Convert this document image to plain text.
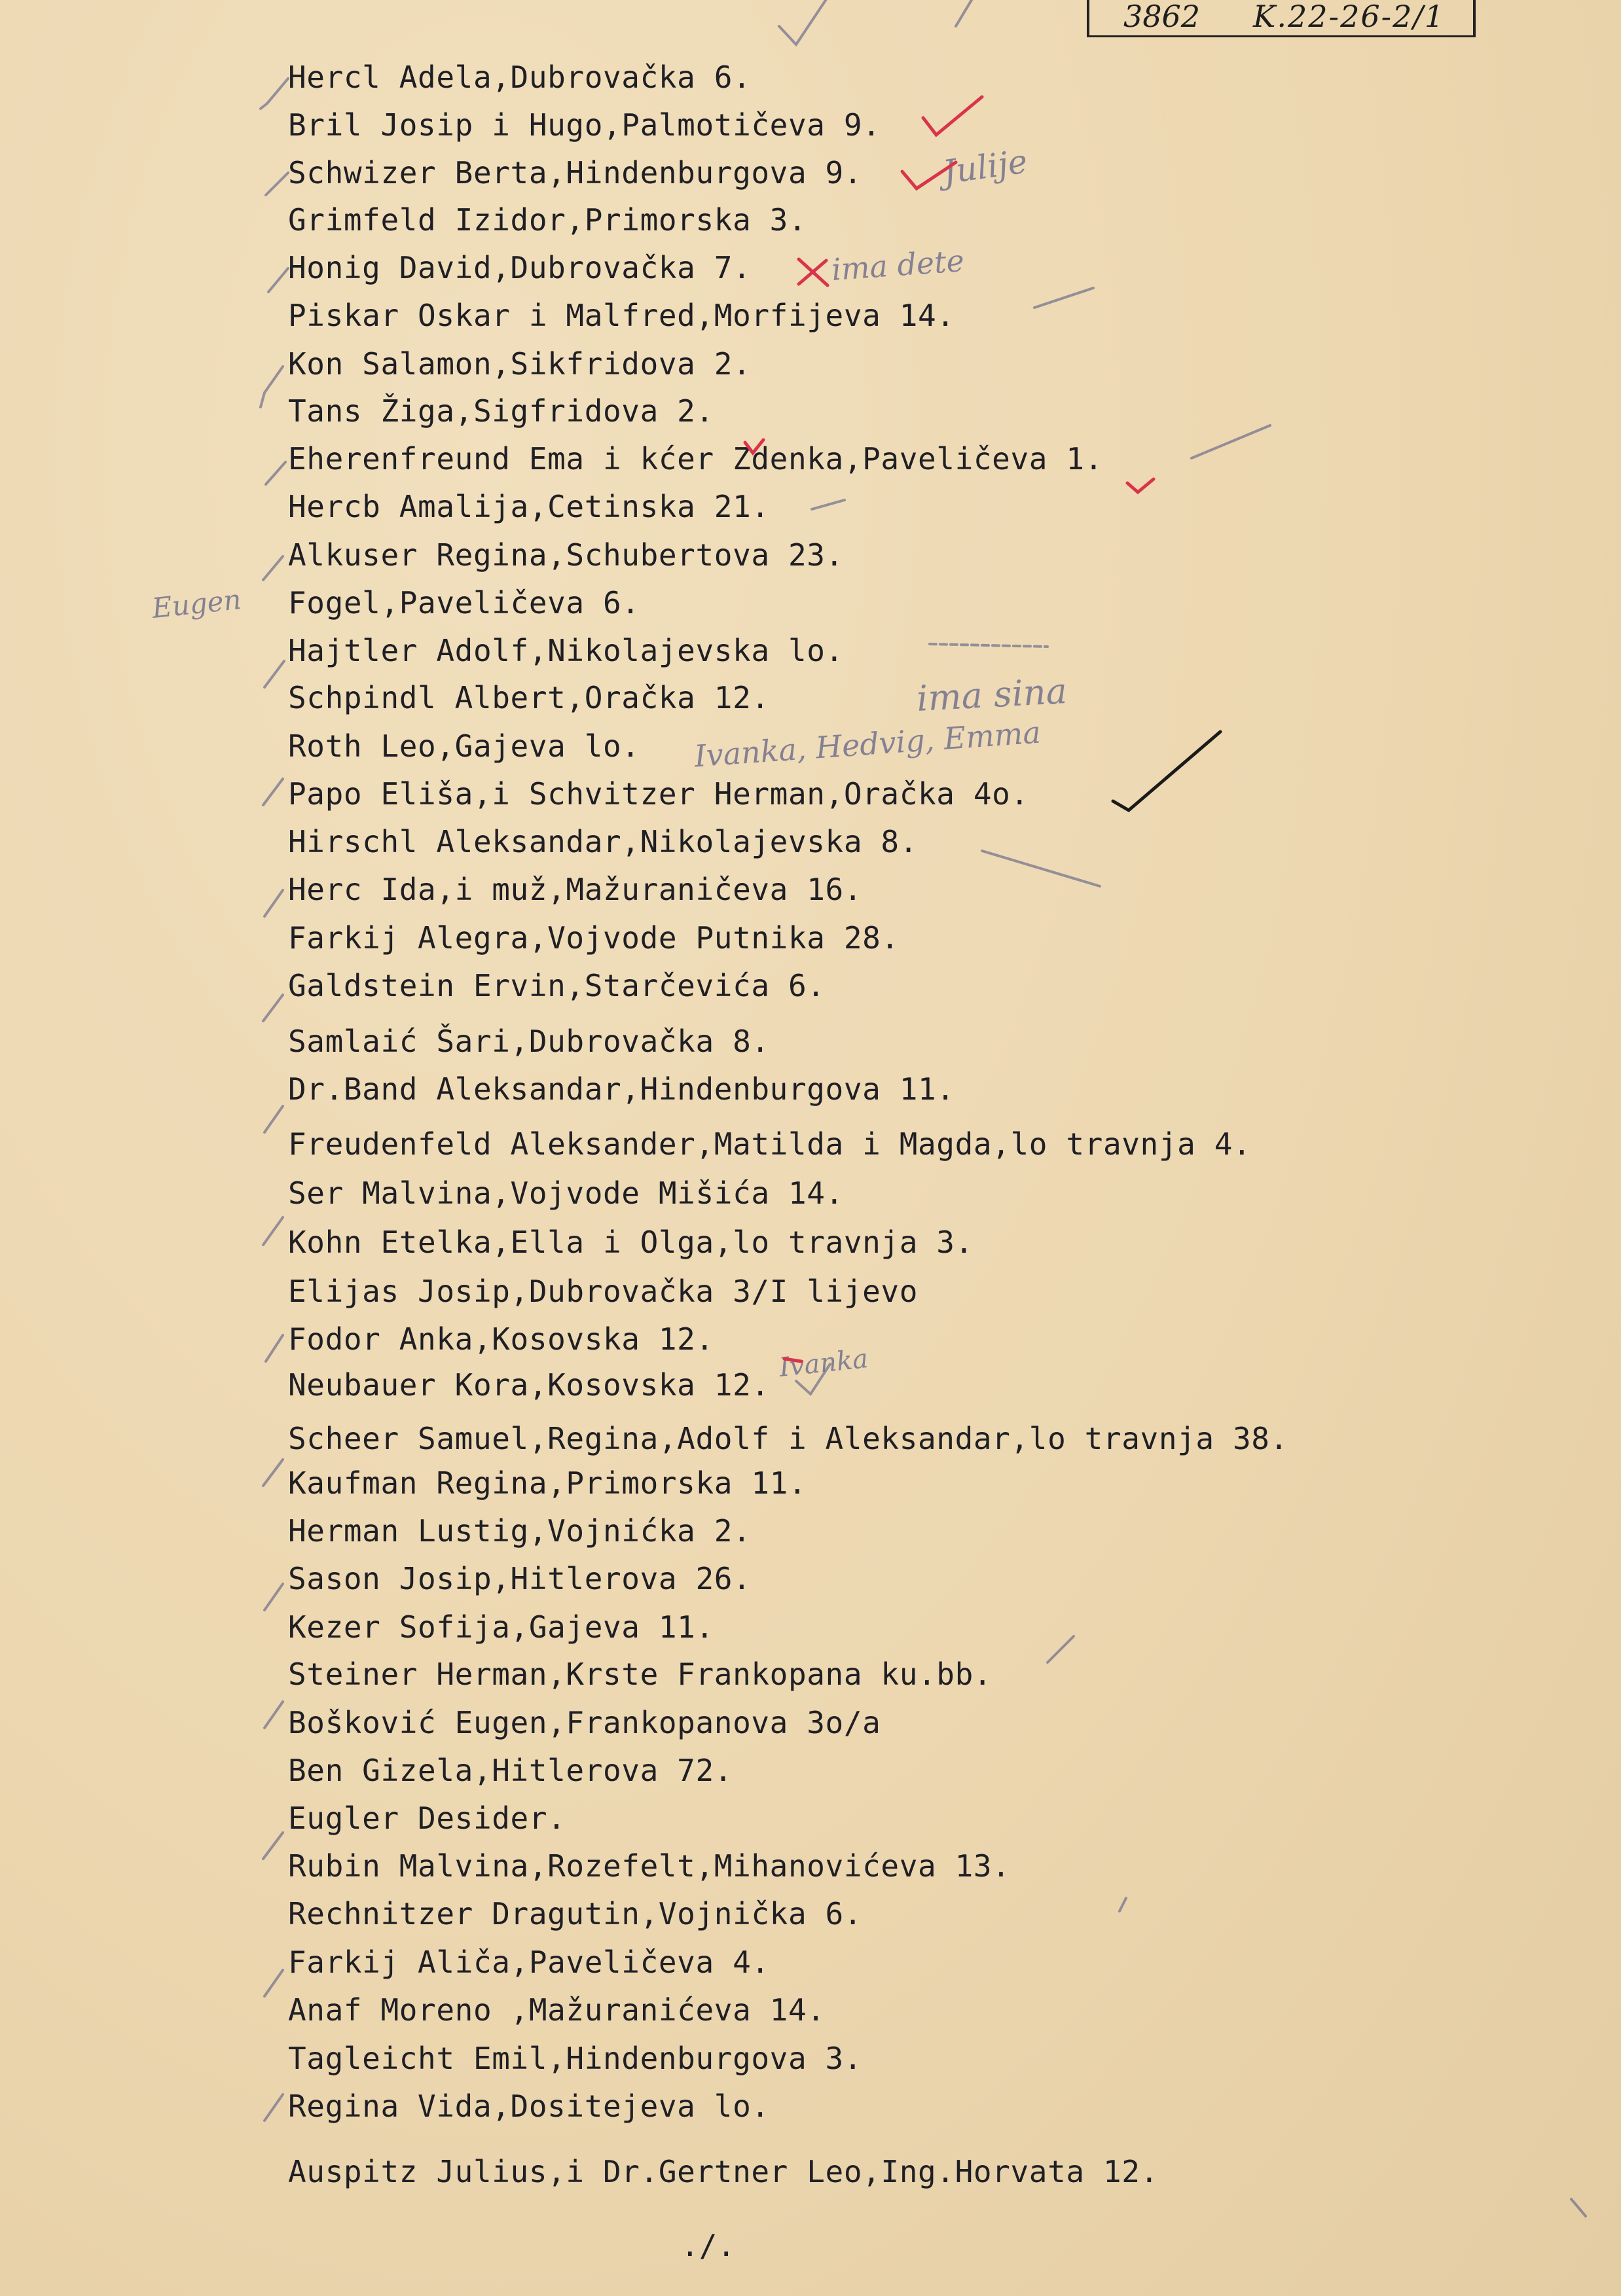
3862 K.22-26-2/1
Hercl Adela,Dubrovačka 6.
Bril Josip i Hugo,Palmotičeva 9.
Schwizer Berta,Hindenburgova 9.
Grimfeld Izidor,Primorska 3.
Honig David,Dubrovačka 7.
Piskar Oskar i Malfred,Morfijeva 14.
Kon Salamon,Sikfridova 2.
Tans Žiga,Sigfridova 2.
Eherenfreund Ema i kćer Zdenka,Paveličeva 1.
Hercb Amalija,Cetinska 21.
Alkuser Regina,Schubertova 23.
Fogel,Paveličeva 6.
Hajtler Adolf,Nikolajevska lo.
Schpindl Albert,Oračka 12.
Roth Leo,Gajeva lo.
Papo Eliša,i Schvitzer Herman,Oračka 4o.
Hirschl Aleksandar,Nikolajevska 8.
Herc Ida,i muž,Mažuraničeva 16.
Farkij Alegra,Vojvode Putnika 28.
Galdstein Ervin,Starčevića 6.
Samlaić Šari,Dubrovačka 8.
Dr.Band Aleksandar,Hindenburgova 11.
Freudenfeld Aleksander,Matilda i Magda,lo travnja 4.
Ser Malvina,Vojvode Mišića 14.
Kohn Etelka,Ella i Olga,lo travnja 3.
Elijas Josip,Dubrovačka 3/I lijevo
Fodor Anka,Kosovska 12.
Neubauer Kora,Kosovska 12.
Scheer Samuel,Regina,Adolf i Aleksandar,lo travnja 38.
Kaufman Regina,Primorska 11.
Herman Lustig,Vojnićka 2.
Sason Josip,Hitlerova 26.
Kezer Sofija,Gajeva 11.
Steiner Herman,Krste Frankopana ku.bb.
Bošković Eugen,Frankopanova 3o/a
Ben Gizela,Hitlerova 72.
Eugler Desider.
Rubin Malvina,Rozefelt,Mihanovićeva 13.
Rechnitzer Dragutin,Vojnička 6.
Farkij Aliča,Paveličeva 4.
Anaf Moreno ,Mažuranićeva 14.
Tagleicht Emil,Hindenburgova 3.
Regina Vida,Dositejeva lo.
Auspitz Julius,i Dr.Gertner Leo,Ing.Horvata 12.
./.
Julije
ima dete
Eugen
ima sina
Ivanka, Hedvig, Emma
Ivanka
